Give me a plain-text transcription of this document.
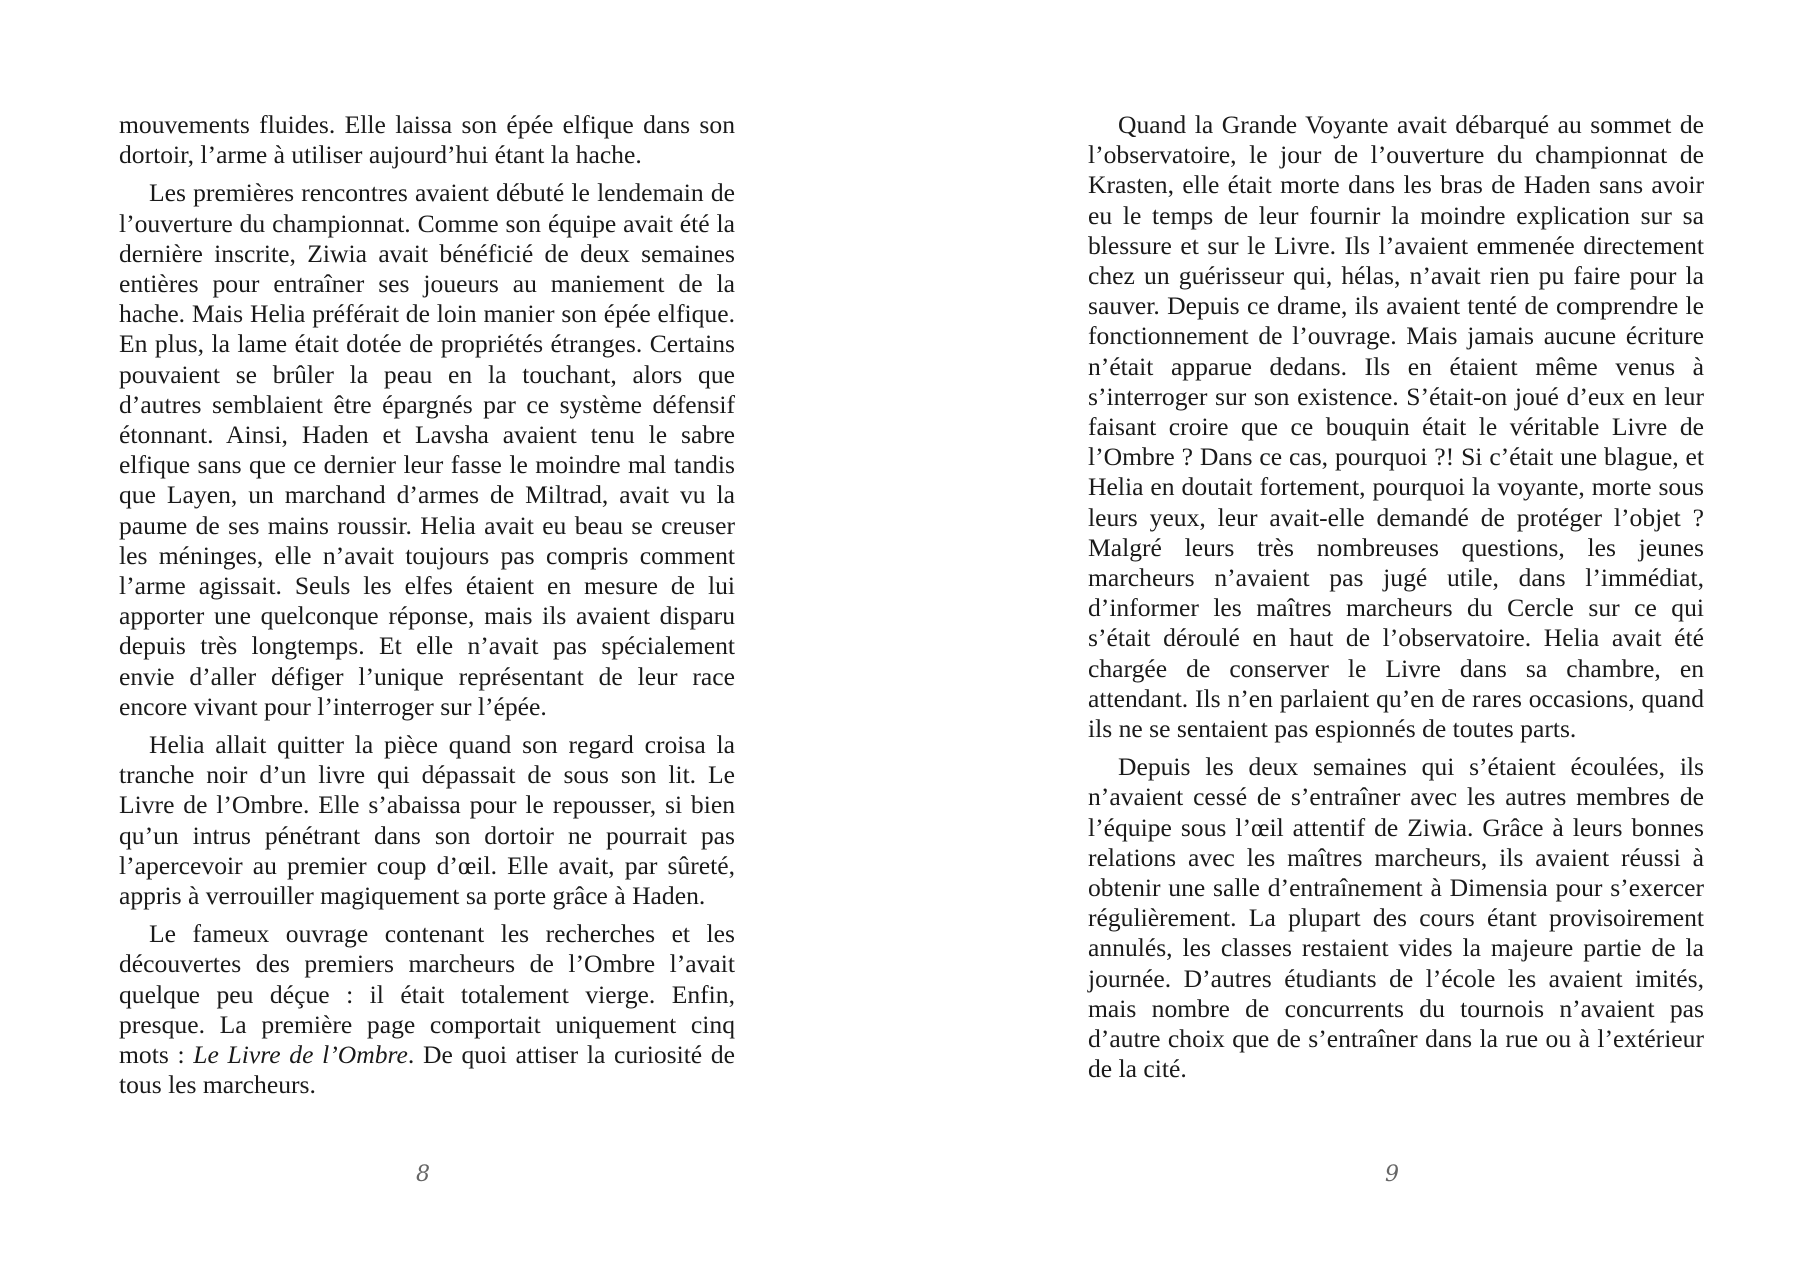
mouvements fluides. Elle laissa son épée elfique dans son dortoir, l’arme à utiliser aujourd’hui étant la hache.

Les premières rencontres avaient débuté le lendemain de l’ouverture du championnat. Comme son équipe avait été la dernière inscrite, Ziwia avait bénéficié de deux semaines entières pour entraîner ses joueurs au maniement de la hache. Mais Helia préférait de loin manier son épée elfique. En plus, la lame était dotée de propriétés étranges. Certains pouvaient se brûler la peau en la touchant, alors que d’autres semblaient être épargnés par ce système défensif étonnant. Ainsi, Haden et Lavsha avaient tenu le sabre elfique sans que ce dernier leur fasse le moindre mal tandis que Layen, un marchand d’armes de Miltrad, avait vu la paume de ses mains roussir. Helia avait eu beau se creuser les méninges, elle n’avait toujours pas compris comment l’arme agissait. Seuls les elfes étaient en mesure de lui apporter une quelconque réponse, mais ils avaient disparu depuis très longtemps. Et elle n’avait pas spécialement envie d’aller défiger l’unique représentant de leur race encore vivant pour l’interroger sur l’épée.

Helia allait quitter la pièce quand son regard croisa la tranche noir d’un livre qui dépassait de sous son lit. Le Livre de l’Ombre. Elle s’abaissa pour le repousser, si bien qu’un intrus pénétrant dans son dortoir ne pourrait pas l’apercevoir au premier coup d’œil. Elle avait, par sûreté, appris à verrouiller magiquement sa porte grâce à Haden.

Le fameux ouvrage contenant les recherches et les découvertes des premiers marcheurs de l’Ombre l’avait quelque peu déçue : il était totalement vierge. Enfin, presque. La première page comportait uniquement cinq mots : Le Livre de l’Ombre. De quoi attiser la curiosité de tous les marcheurs.

8

Quand la Grande Voyante avait débarqué au sommet de l’observatoire, le jour de l’ouverture du championnat de Krasten, elle était morte dans les bras de Haden sans avoir eu le temps de leur fournir la moindre explication sur sa blessure et sur le Livre. Ils l’avaient emmenée directement chez un guérisseur qui, hélas, n’avait rien pu faire pour la sauver. Depuis ce drame, ils avaient tenté de comprendre le fonctionnement de l’ouvrage. Mais jamais aucune écriture n’était apparue dedans. Ils en étaient même venus à s’interroger sur son existence. S’était-on joué d’eux en leur faisant croire que ce bouquin était le véritable Livre de l’Ombre ? Dans ce cas, pourquoi ?! Si c’était une blague, et Helia en doutait fortement, pourquoi la voyante, morte sous leurs yeux, leur avait-elle demandé de protéger l’objet ? Malgré leurs très nombreuses questions, les jeunes marcheurs n’avaient pas jugé utile, dans l’immédiat, d’informer les maîtres marcheurs du Cercle sur ce qui s’était déroulé en haut de l’observatoire. Helia avait été chargée de conserver le Livre dans sa chambre, en attendant. Ils n’en parlaient qu’en de rares occasions, quand ils ne se sentaient pas espionnés de toutes parts.

Depuis les deux semaines qui s’étaient écoulées, ils n’avaient cessé de s’entraîner avec les autres membres de l’équipe sous l’œil attentif de Ziwia. Grâce à leurs bonnes relations avec les maîtres marcheurs, ils avaient réussi à obtenir une salle d’entraînement à Dimensia pour s’exercer régulièrement. La plupart des cours étant provisoirement annulés, les classes restaient vides la majeure partie de la journée. D’autres étudiants de l’école les avaient imités, mais nombre de concurrents du tournois n’avaient pas d’autre choix que de s’entraîner dans la rue ou à l’extérieur de la cité.

9
